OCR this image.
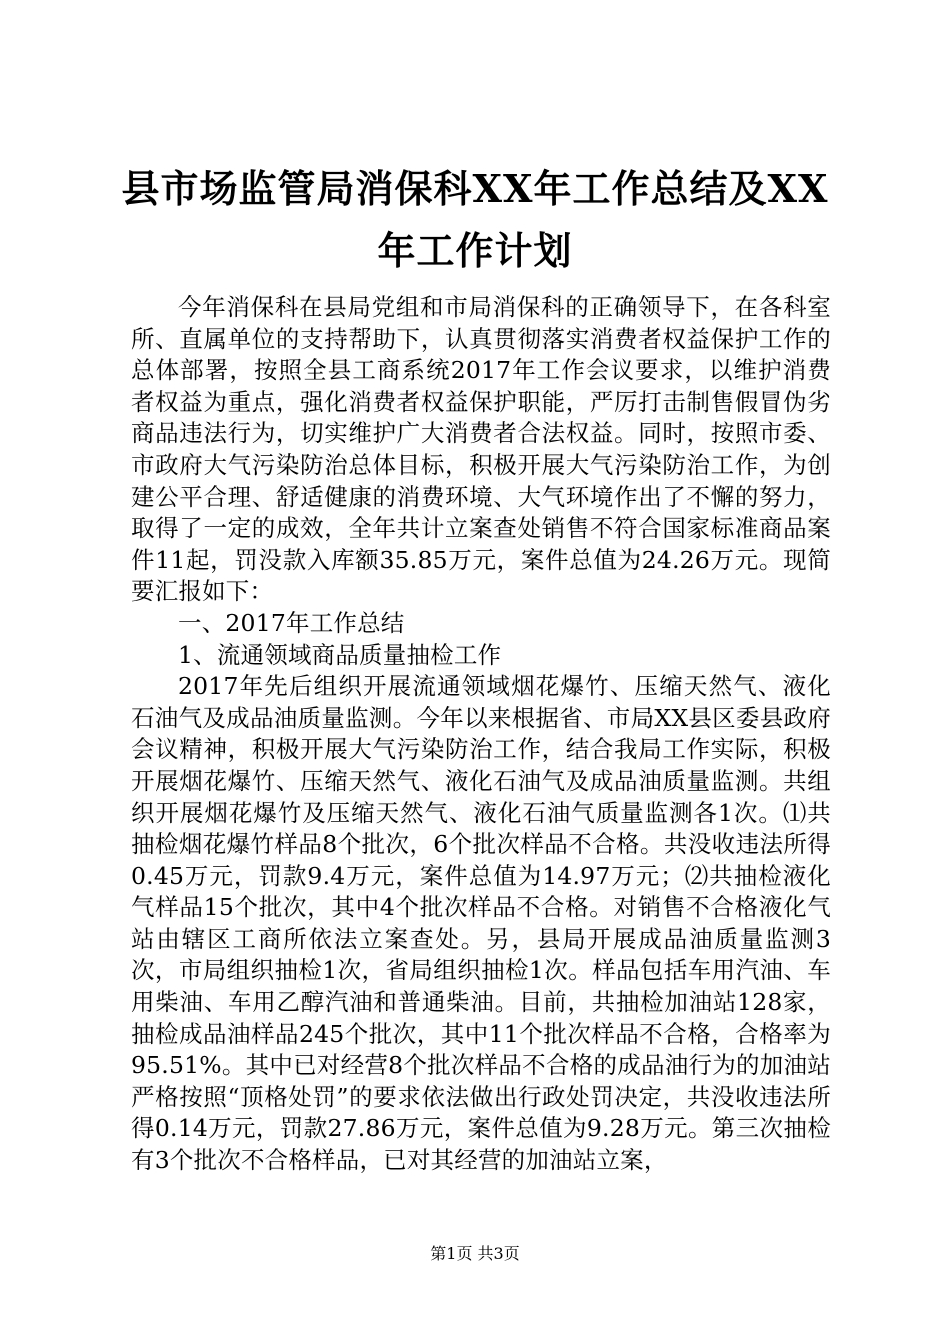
县市场监管局消保科XX年工作总结及XX年工作计划

今年消保科在县局党组和市局消保科的正确领导下，在各科室所、直属单位的支持帮助下，认真贯彻落实消费者权益保护工作的总体部署，按照全县工商系统2017年工作会议要求，以维护消费者权益为重点，强化消费者权益保护职能，严厉打击制售假冒伪劣商品违法行为，切实维护广大消费者合法权益。同时，按照市委、市政府大气污染防治总体目标，积极开展大气污染防治工作，为创建公平合理、舒适健康的消费环境、大气环境作出了不懈的努力，取得了一定的成效，全年共计立案查处销售不符合国家标准商品案件11起，罚没款入库额35.85万元，案件总值为24.26万元。现简要汇报如下：

一、2017年工作总结

1、流通领域商品质量抽检工作

2017年先后组织开展流通领域烟花爆竹、压缩天然气、液化石油气及成品油质量监测。今年以来根据省、市局XX县区委县政府会议精神，积极开展大气污染防治工作，结合我局工作实际，积极开展烟花爆竹、压缩天然气、液化石油气及成品油质量监测。共组织开展烟花爆竹及压缩天然气、液化石油气质量监测各1次。⑴共抽检烟花爆竹样品8个批次，6个批次样品不合格。共没收违法所得0.45万元，罚款9.4万元，案件总值为14.97万元；⑵共抽检液化气样品15个批次，其中4个批次样品不合格。对销售不合格液化气站由辖区工商所依法立案查处。另，县局开展成品油质量监测3次，市局组织抽检1次，省局组织抽检1次。样品包括车用汽油、车用柴油、车用乙醇汽油和普通柴油。目前，共抽检加油站128家，抽检成品油样品245个批次，其中11个批次样品不合格，合格率为95.51%。其中已对经营8个批次样品不合格的成品油行为的加油站严格按照“顶格处罚”的要求依法做出行政处罚决定，共没收违法所得0.14万元，罚款27.86万元，案件总值为9.28万元。第三次抽检有3个批次不合格样品，已对其经营的加油站立案，

第1页 共3页
